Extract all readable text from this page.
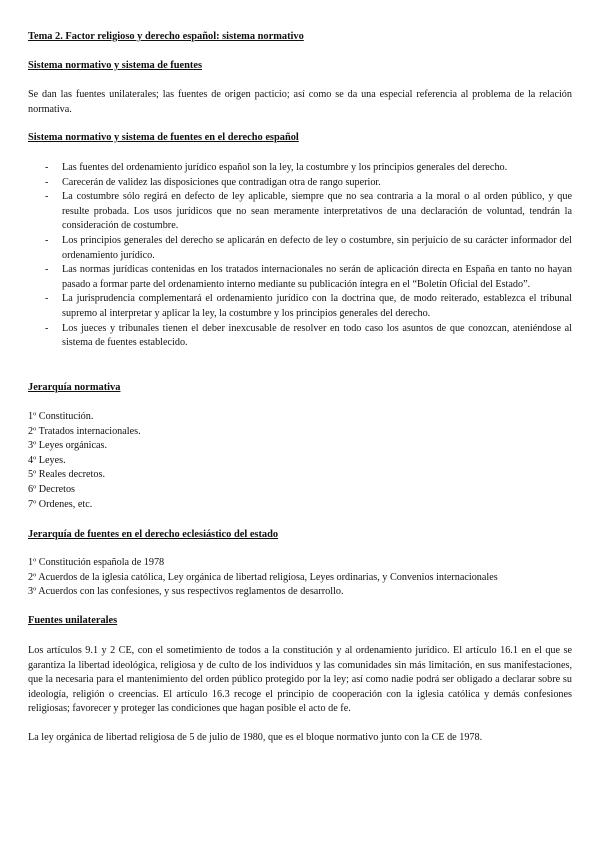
Tema 2. Factor religioso y derecho español: sistema normativo
Sistema normativo y sistema de fuentes
Se dan las fuentes unilaterales; las fuentes de origen pacticio; así como se da una especial referencia al problema de la relación normativa.
Sistema normativo y sistema de fuentes en el derecho español
- Las fuentes del ordenamiento jurídico español son la ley, la costumbre y los principios generales del derecho.
- Carecerán de validez las disposiciones que contradigan otra de rango superior.
- La costumbre sólo regirá en defecto de ley aplicable, siempre que no sea contraria a la moral o al orden público, y que resulte probada. Los usos jurídicos que no sean meramente interpretativos de una declaración de voluntad, tendrán la consideración de costumbre.
- Los principios generales del derecho se aplicarán en defecto de ley o costumbre, sin perjuicio de su carácter informador del ordenamiento jurídico.
- Las normas jurídicas contenidas en los tratados internacionales no serán de aplicación directa en España en tanto no hayan pasado a formar parte del ordenamiento interno mediante su publicación íntegra en el “Boletín Oficial del Estado”.
- La jurisprudencia complementará el ordenamiento jurídico con la doctrina que, de modo reiterado, establezca el tribunal supremo al interpretar y aplicar la ley, la costumbre y los principios generales del derecho.
- Los jueces y tribunales tienen el deber inexcusable de resolver en todo caso los asuntos de que conozcan, ateniéndose al sistema de fuentes establecido.
Jerarquía normativa
1º Constitución.
2º Tratados internacionales.
3º Leyes orgánicas.
4º Leyes.
5º Reales decretos.
6º Decretos
7º Ordenes, etc.
Jerarquía de fuentes en el derecho eclesiástico del estado
1º Constitución española de 1978
2º Acuerdos de la iglesia católica, Ley orgánica de libertad religiosa, Leyes ordinarias, y Convenios internacionales
3º Acuerdos con las confesiones, y sus respectivos reglamentos de desarrollo.
Fuentes unilaterales
Los artículos 9.1 y 2 CE, con el sometimiento de todos a la constitución y al ordenamiento jurídico. El artículo 16.1 en el que se garantiza la libertad ideológica, religiosa y de culto de los individuos y las comunidades sin más limitación, en sus manifestaciones, que la necesaria para el mantenimiento del orden público protegido por la ley; así como nadie podrá ser obligado a declarar sobre su ideología, religión o creencias. El artículo 16.3 recoge el principio de cooperación con la iglesia católica y demás confesiones religiosas; favorecer y proteger las condiciones que hagan posible el acto de fe.
La ley orgánica de libertad religiosa de 5 de julio de 1980, que es el bloque normativo junto con la CE de 1978.
